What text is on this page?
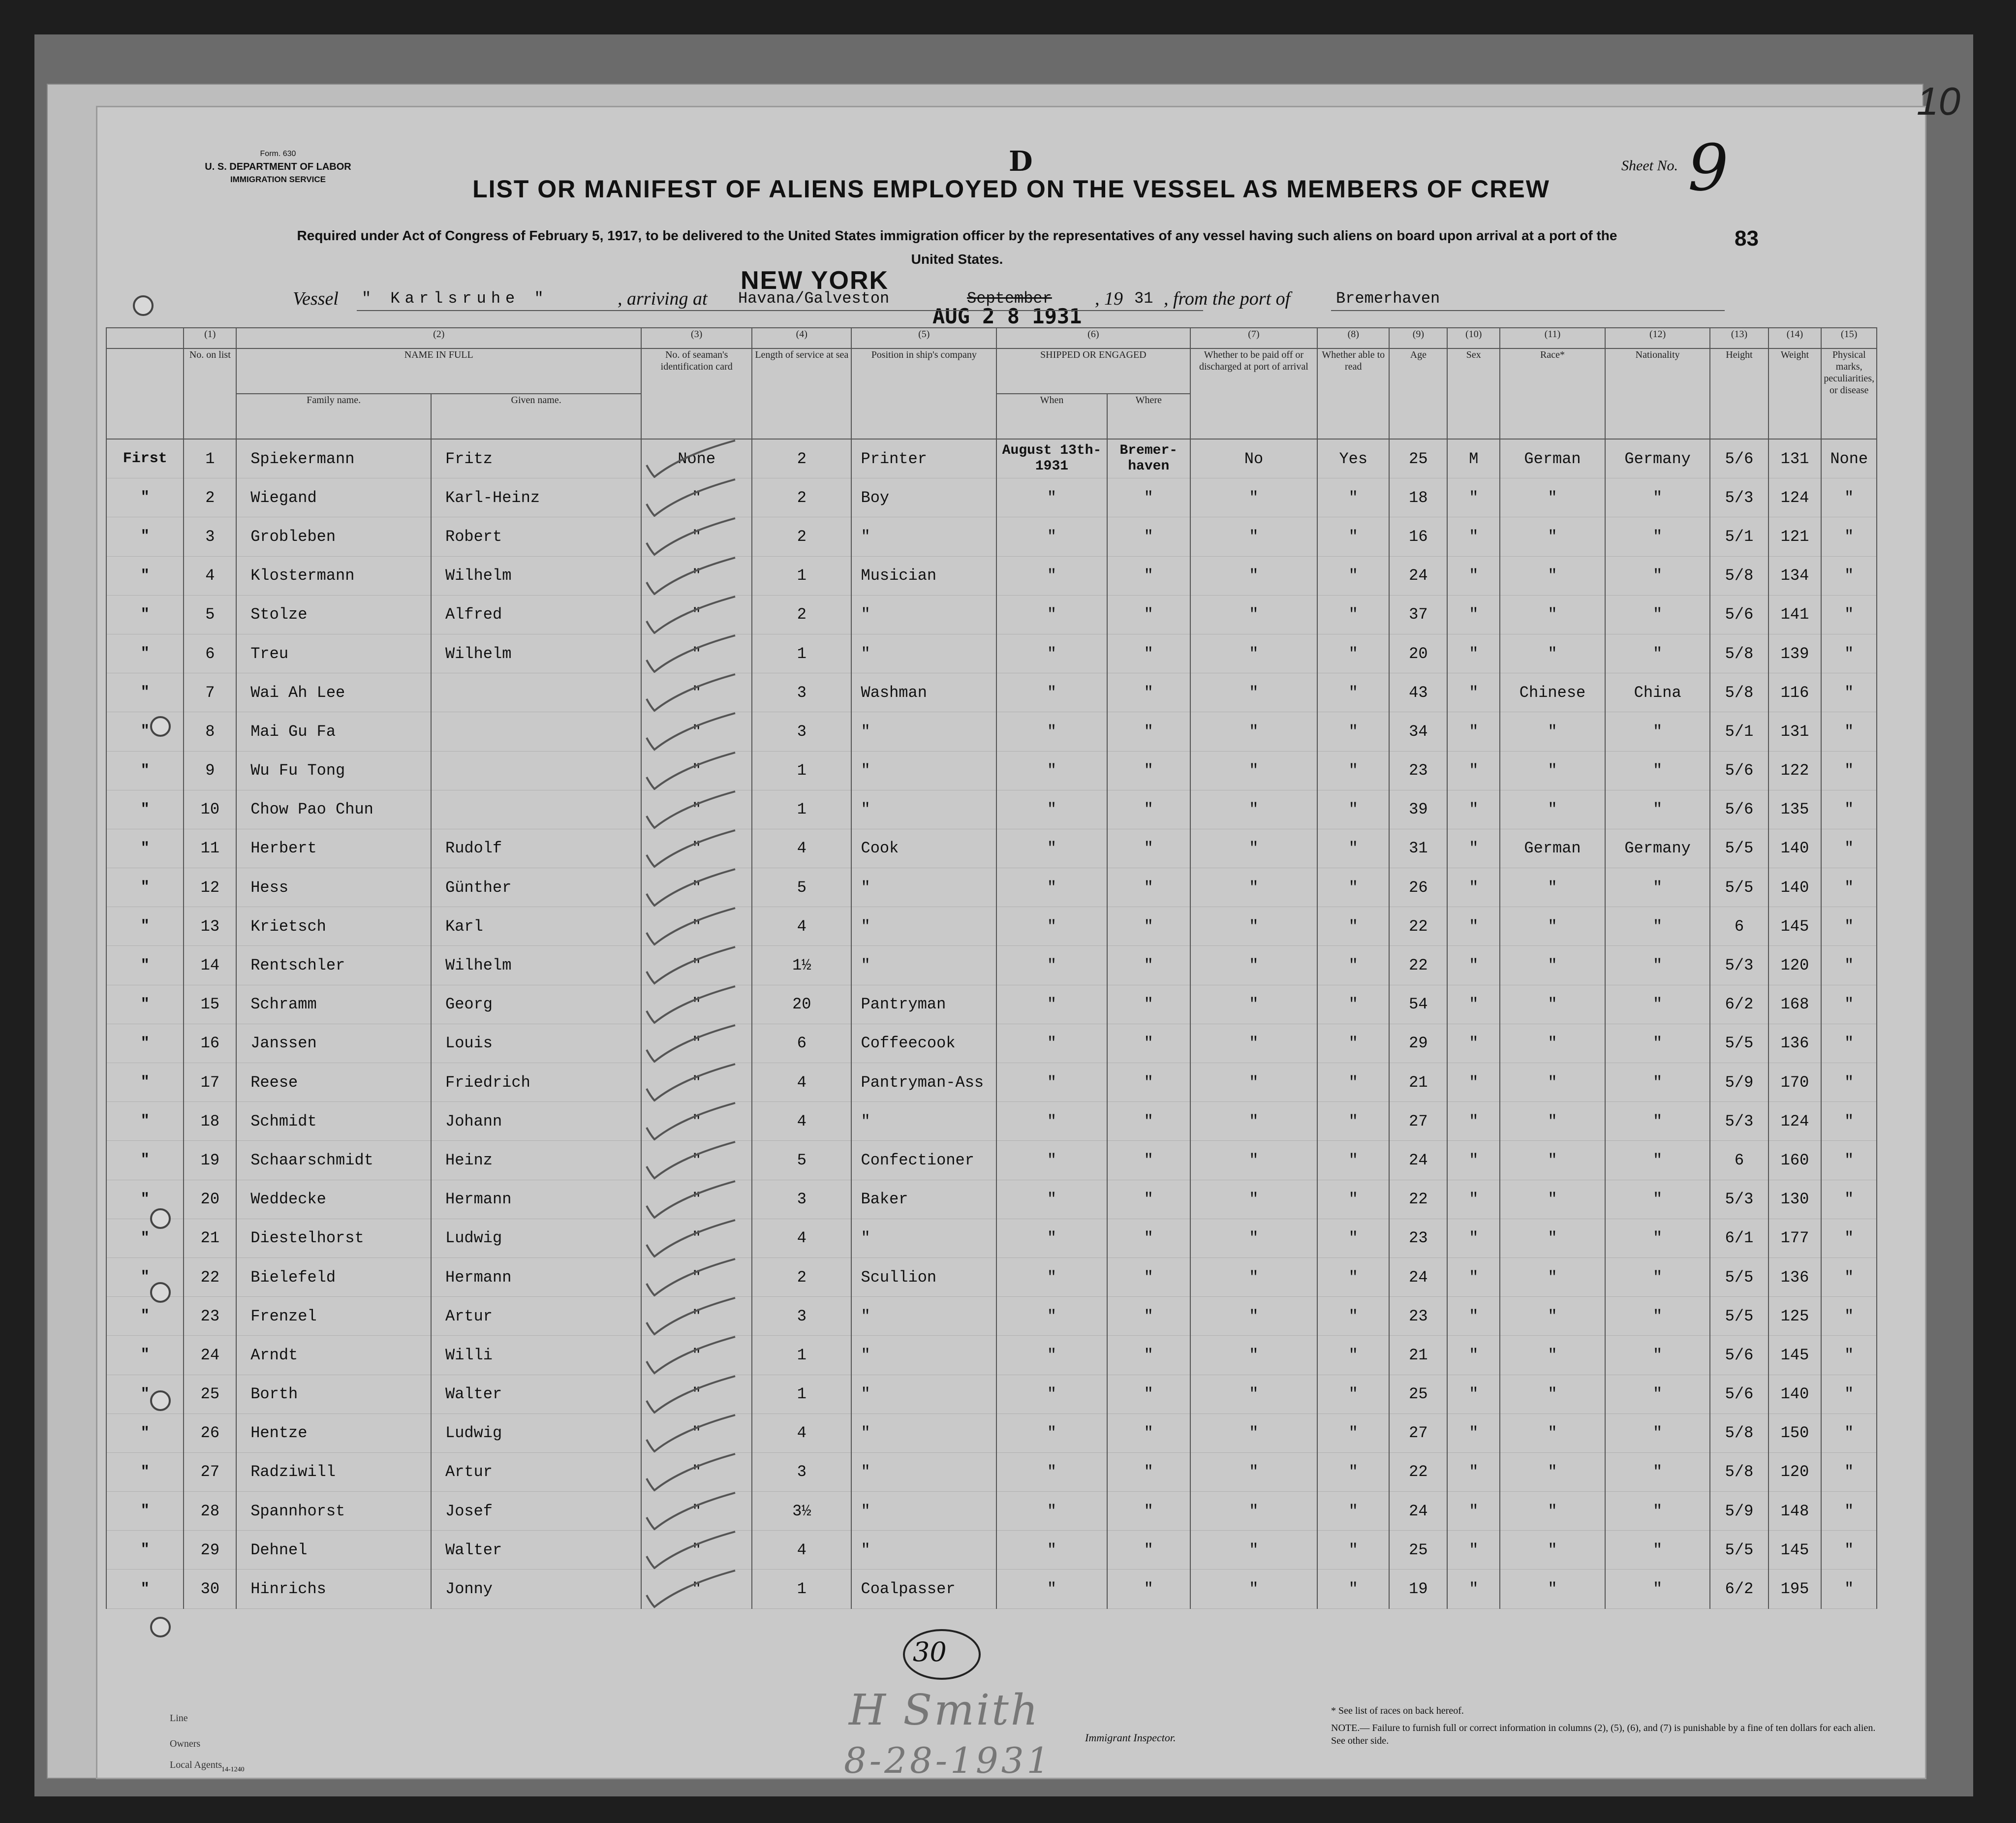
10
Form. 630
U. S. DEPARTMENT OF LABOR
IMMIGRATION SERVICE
D	Sheet No. 9
LIST OR MANIFEST OF ALIENS EMPLOYED ON THE VESSEL AS MEMBERS OF CREW
Required under Act of Congress of February 5, 1917, to be delivered to the United States immigration officer by the representatives of any vessel having such aliens on board upon arrival at a port of the United States.
83
Vessel " Karlsruhe "	, arriving at Havana/Galveston
NEW YORK
September
AUG 2 8 1931
, 19 31 , from the port of	Bremerhaven
	(1)	(2)		(3)	(4)	(5)	(6)		(7)	(8)	(9)	(10)	(11)	(12)	(13)	(14)	(15)
	No. on list	NAME IN FULL		No. of seaman's identification card	Length of service at sea	Position in ship's company	SHIPPED OR ENGAGED		Whether to be paid off or discharged at port of arrival	Whether able to read	Age	Sex	Race*	Nationality	Height	Weight	Physical marks, peculiarities, or disease
		Family name.	Given name.				When	Where									
First	1	Spiekermann	Fritz	None	2	Printer	August 13th-1931	Bremer- haven	No	Yes	25	M	German	Germany	5/6	131	None
"	2	Wiegand	Karl-Heinz	"	2	Boy	"	"	"	"	18	"	"	"	5/3	124	"
"	3	Grobleben	Robert	"	2	"	"	"	"	"	16	"	"	"	5/1	121	"
"	4	Klostermann	Wilhelm	"	1	Musician	"	"	"	"	24	"	"	"	5/8	134	"
"	5	Stolze	Alfred	"	2	"	"	"	"	"	37	"	"	"	5/6	141	"
"	6	Treu	Wilhelm	"	1	"	"	"	"	"	20	"	"	"	5/8	139	"
"	7	Wai Ah Lee		"	3	Washman	"	"	"	"	43	"	Chinese	China	5/8	116	"
"	8	Mai Gu Fa		"	3	"	"	"	"	"	34	"	"	"	5/1	131	"
"	9	Wu Fu Tong		"	1	"	"	"	"	"	23	"	"	"	5/6	122	"
"	10	Chow Pao Chun		"	1	"	"	"	"	"	39	"	"	"	5/6	135	"
"	11	Herbert	Rudolf	"	4	Cook	"	"	"	"	31	"	German	Germany	5/5	140	"
"	12	Hess	Günther	"	5	"	"	"	"	"	26	"	"	"	5/5	140	"
"	13	Krietsch	Karl	"	4	"	"	"	"	"	22	"	"	"	6	145	"
"	14	Rentschler	Wilhelm	"	1½	"	"	"	"	"	22	"	"	"	5/3	120	"
"	15	Schramm	Georg	"	20	Pantryman	"	"	"	"	54	"	"	"	6/2	168	"
"	16	Janssen	Louis	"	6	Coffeecook	"	"	"	"	29	"	"	"	5/5	136	"
"	17	Reese	Friedrich	"	4	Pantryman-Ass	"	"	"	"	21	"	"	"	5/9	170	"
"	18	Schmidt	Johann	"	4	"	"	"	"	"	27	"	"	"	5/3	124	"
"	19	Schaarschmidt	Heinz	"	5	Confectioner	"	"	"	"	24	"	"	"	6	160	"
"	20	Weddecke	Hermann	"	3	Baker	"	"	"	"	22	"	"	"	5/3	130	"
"	21	Diestelhorst	Ludwig	"	4	"	"	"	"	"	23	"	"	"	6/1	177	"
"	22	Bielefeld	Hermann	"	2	Scullion	"	"	"	"	24	"	"	"	5/5	136	"
"	23	Frenzel	Artur	"	3	"	"	"	"	"	23	"	"	"	5/5	125	"
"	24	Arndt	Willi	"	1	"	"	"	"	"	21	"	"	"	5/6	145	"
"	25	Borth	Walter	"	1	"	"	"	"	"	25	"	"	"	5/6	140	"
"	26	Hentze	Ludwig	"	4	"	"	"	"	"	27	"	"	"	5/8	150	"
"	27	Radziwill	Artur	"	3	"	"	"	"	"	22	"	"	"	5/8	120	"
"	28	Spannhorst	Josef	"	3½	"	"	"	"	"	24	"	"	"	5/9	148	"
"	29	Dehnel	Walter	"	4	"	"	"	"	"	25	"	"	"	5/5	145	"
"	30	Hinrichs	Jonny	"	1	Coalpasser	"	"	"	"	19	"	"	"	6/2	195	"
30
Line
Owners
Local Agents
14-1240
H Smith
Immigrant Inspector.
8-28-1931
* See list of races on back hereof.
NOTE.— Failure to furnish full or correct information in columns (2), (5), (6), and (7) is punishable by a fine of ten dollars for each alien. See other side.
